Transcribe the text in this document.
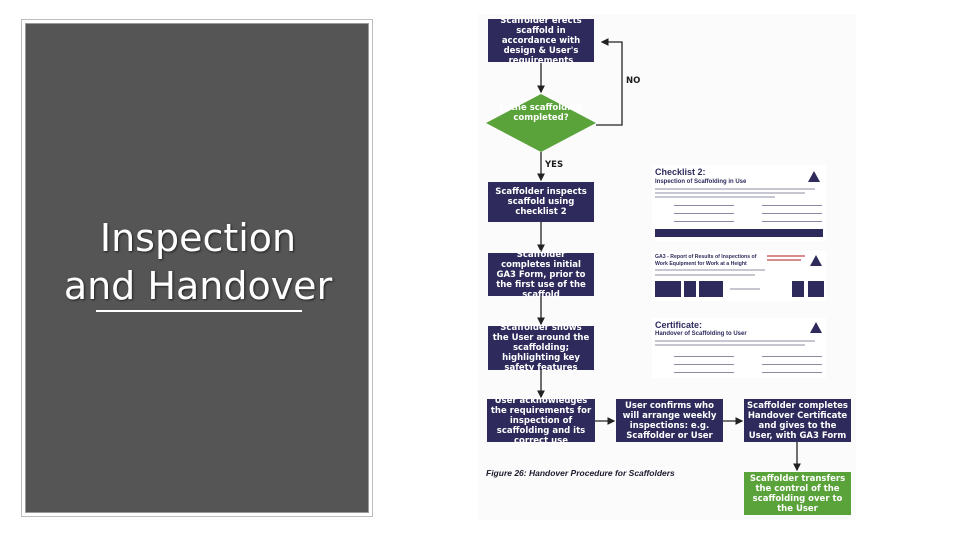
Inspection
and Handover
Scaffolder erects scaffold in accordance with design & User's requirements
Is the scaffolding completed?
NO
YES
Scaffolder inspects scaffold using checklist 2
Scaffolder completes initial GA3 Form, prior to the first use of the scaffold
Scaffolder shows the User around the scaffolding; highlighting key safety features
User acknowledges the requirements for inspection of scaffolding and its correct use
User confirms who will arrange weekly inspections: e.g. Scaffolder or User
Scaffolder completes Handover Certificate and gives to the User, with GA3 Form
Scaffolder transfers the control of the scaffolding over to the User
Figure 26: Handover Procedure for Scaffolders
Checklist 2:
Inspection of Scaffolding in Use
GA3 - Report of Results of Inspections of Work Equipment for Work at a Height
Certificate:
Handover of Scaffolding to User
